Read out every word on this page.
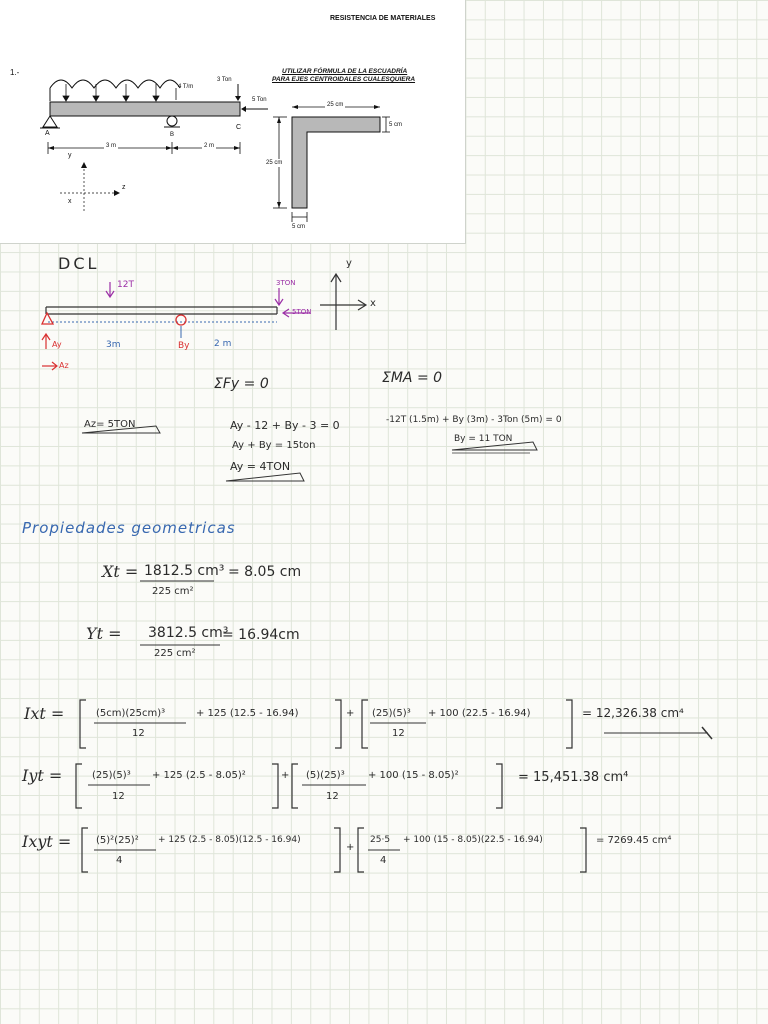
RESISTENCIA DE MATERIALES
1.-	UTILIZAR FÓRMULA DE LA ESCUADRÍA
PARA EJES CENTROIDALES CUALESQUIERA
4 T/m
3 Ton
5 Ton
A	B
C
3 m	2 m
y
z
x
25 cm
5 cm
25 cm
5 cm
DCL
12T	3TON
5TON
y
x
Ay
Az
3m	By	2 m
ΣFy = 0	ΣMA = 0
Az= 5TON	Ay - 12 + By - 3 = 0
Ay + By = 15ton
Ay = 4TON
-12T (1.5m) + By (3m) - 3Ton (5m) = 0
By = 11 TON
Propiedades geometricas
Xt = 1812.5 cm³
225 cm²
= 8.05 cm
Yt = 3812.5 cm³
225 cm²
= 16.94cm
Ixt =	(5cm)(25cm)³
12
+ 125 (12.5 - 16.94)	+ (25)(5)³
12
+ 100 (22.5 - 16.94)	= 12,326.38 cm⁴
Iyt =	(25)(5)³
12
+ 125 (2.5 - 8.05)²	+ (5)(25)³
12
+ 100 (15 - 8.05)²	= 15,451.38 cm⁴
Ixyt = (5)²(25)²
4
+ 125 (2.5 - 8.05)(12.5 - 16.94)
+
25·5
4
+ 100 (15 - 8.05)(22.5 - 16.94)	= 7269.45 cm⁴
